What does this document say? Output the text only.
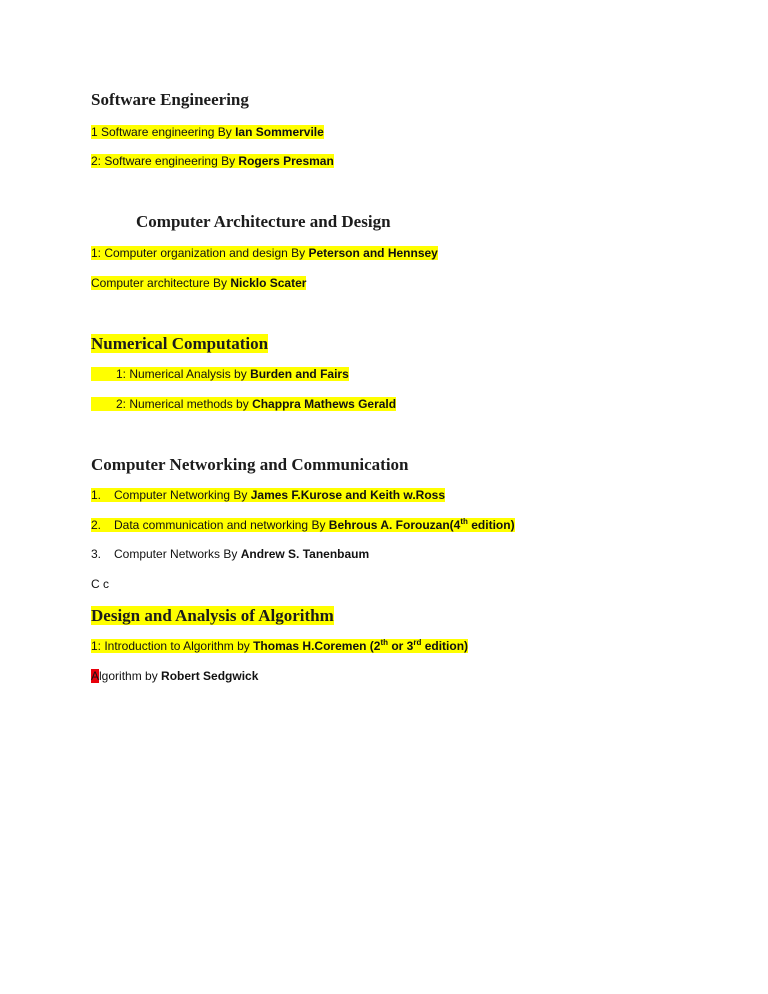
Software Engineering
1 Software engineering By Ian Sommervile
2: Software engineering By Rogers Presman
Computer Architecture and Design
1: Computer organization and design By Peterson and Hennsey
Computer architecture By Nicklo Scater
Numerical Computation
1: Numerical Analysis by Burden and Fairs
2: Numerical methods by Chappra Mathews Gerald
Computer Networking and Communication
1. Computer Networking By James F.Kurose and Keith w.Ross
2. Data communication and networking By Behrous A. Forouzan(4th edition)
3. Computer Networks By Andrew S. Tanenbaum
C c
Design and Analysis of Algorithm
1: Introduction to Algorithm by Thomas H.Coremen (2th or 3rd edition)
Algorithm by Robert Sedgwick
